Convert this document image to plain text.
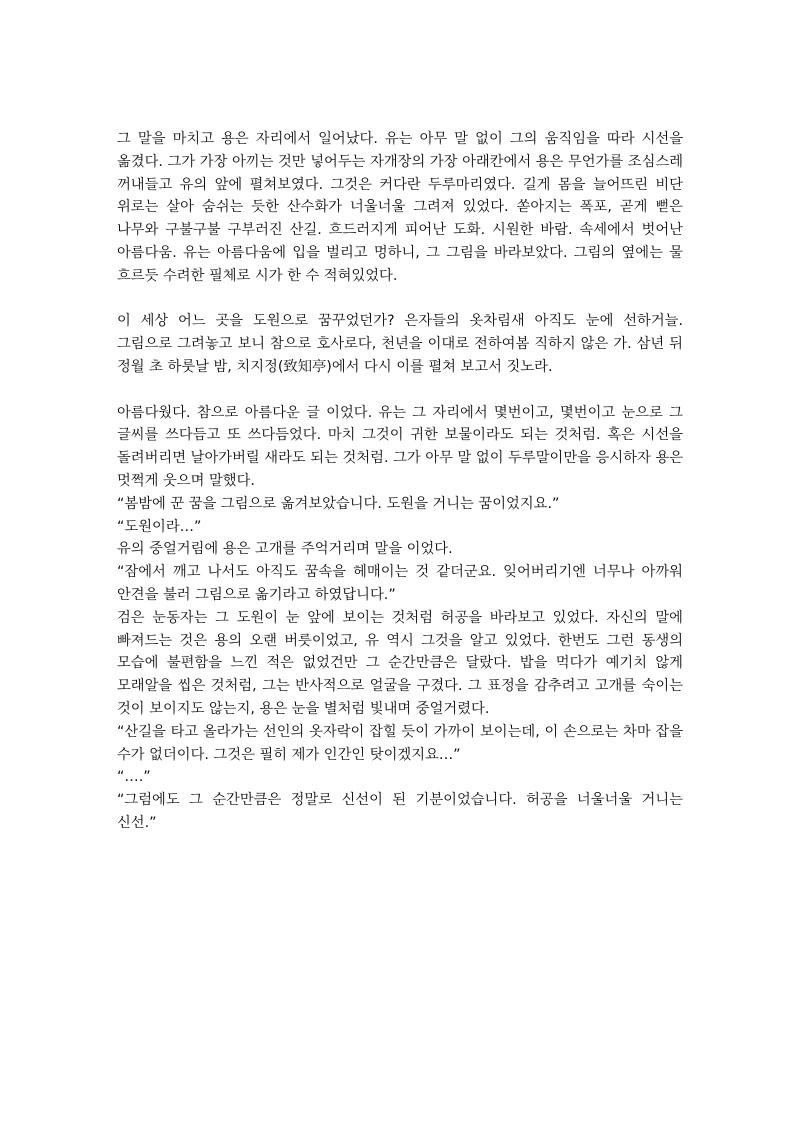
그 말을 마치고 용은 자리에서 일어났다. 유는 아무 말 없이 그의 움직임을 따라 시선을 옮겼다. 그가 가장 아끼는 것만 넣어두는 자개장의 가장 아래칸에서 용은 무언가를 조심스레 꺼내들고 유의 앞에 펼쳐보였다. 그것은 커다란 두루마리였다. 길게 몸을 늘어뜨린 비단 위로는 살아 숨쉬는 듯한 산수화가 너울너울 그려져 있었다. 쏟아지는 폭포, 곧게 뻗은 나무와 구불구불 구부러진 산길. 흐드러지게 피어난 도화. 시원한 바람. 속세에서 벗어난 아름다움. 유는 아름다움에 입을 벌리고 멍하니, 그 그림을 바라보았다. 그림의 옆에는 물 흐르듯 수려한 필체로 시가 한 수 적혀있었다.

이 세상 어느 곳을 도원으로 꿈꾸었던가? 은자들의 옷차림새 아직도 눈에 선하거늘. 그림으로 그려놓고 보니 참으로 호사로다, 천년을 이대로 전하여봄 직하지 않은 가. 삼년 뒤 정월 초 하룻날 밤, 치지정(致知亭)에서 다시 이를 펼쳐 보고서 짓노라.

아름다웠다. 참으로 아름다운 글 이었다. 유는 그 자리에서 몇번이고, 몇번이고 눈으로 그 글씨를 쓰다듬고 또 쓰다듬었다. 마치 그것이 귀한 보물이라도 되는 것처럼. 혹은 시선을 돌려버리면 날아가버릴 새라도 되는 것처럼. 그가 아무 말 없이 두루말이만을 응시하자 용은 멋쩍게 웃으며 말했다.

“봄밤에 꾼 꿈을 그림으로 옮겨보았습니다. 도원을 거니는 꿈이었지요.”

“도원이라…”

유의 중얼거림에 용은 고개를 주억거리며 말을 이었다.

“잠에서 깨고 나서도 아직도 꿈속을 헤매이는 것 같더군요. 잊어버리기엔 너무나 아까워 안견을 불러 그림으로 옮기라고 하였답니다.”

검은 눈동자는 그 도원이 눈 앞에 보이는 것처럼 허공을 바라보고 있었다. 자신의 말에 빠져드는 것은 용의 오랜 버릇이었고, 유 역시 그것을 알고 있었다. 한번도 그런 동생의 모습에 불편함을 느낀 적은 없었건만 그 순간만큼은 달랐다. 밥을 먹다가 예기치 않게 모래알을 씹은 것처럼, 그는 반사적으로 얼굴을 구겼다. 그 표정을 감추려고 고개를 숙이는 것이 보이지도 않는지, 용은 눈을 별처럼 빛내며 중얼거렸다.

“산길을 타고 올라가는 선인의 옷자락이 잡힐 듯이 가까이 보이는데, 이 손으로는 차마 잡을 수가 없더이다. 그것은 필히 제가 인간인 탓이겠지요…”

“….”

“그럼에도 그 순간만큼은 정말로 신선이 된 기분이었습니다. 허공을 너울너울 거니는 신선.”
